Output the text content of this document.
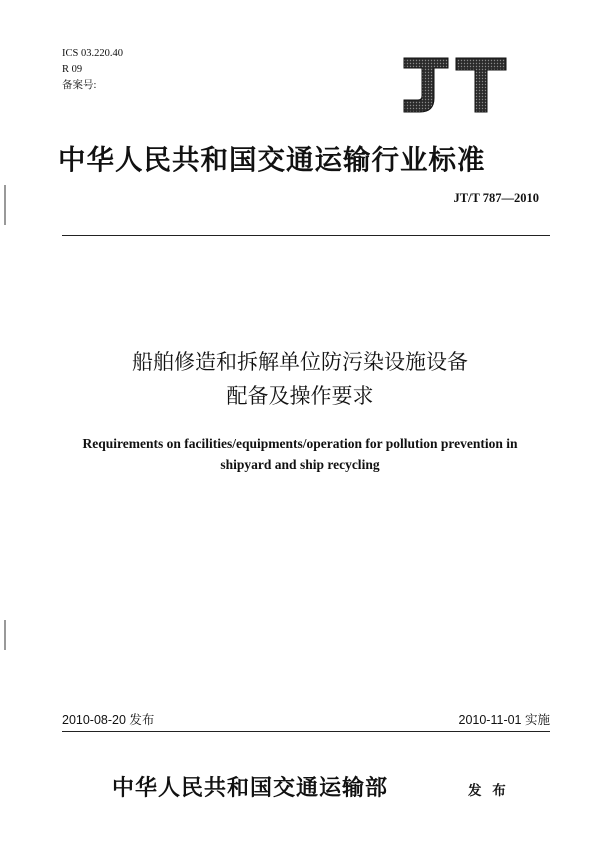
ICS 03.220.40
R 09
备案号:
JT
中华人民共和国交通运输行业标准
JT/T 787—2010
船舶修造和拆解单位防污染设施设备
配备及操作要求
Requirements on facilities/equipments/operation for pollution prevention in
shipyard and ship recycling
2010-08-20 发布	2010-11-01 实施
中华人民共和国交通运输部	发 布
